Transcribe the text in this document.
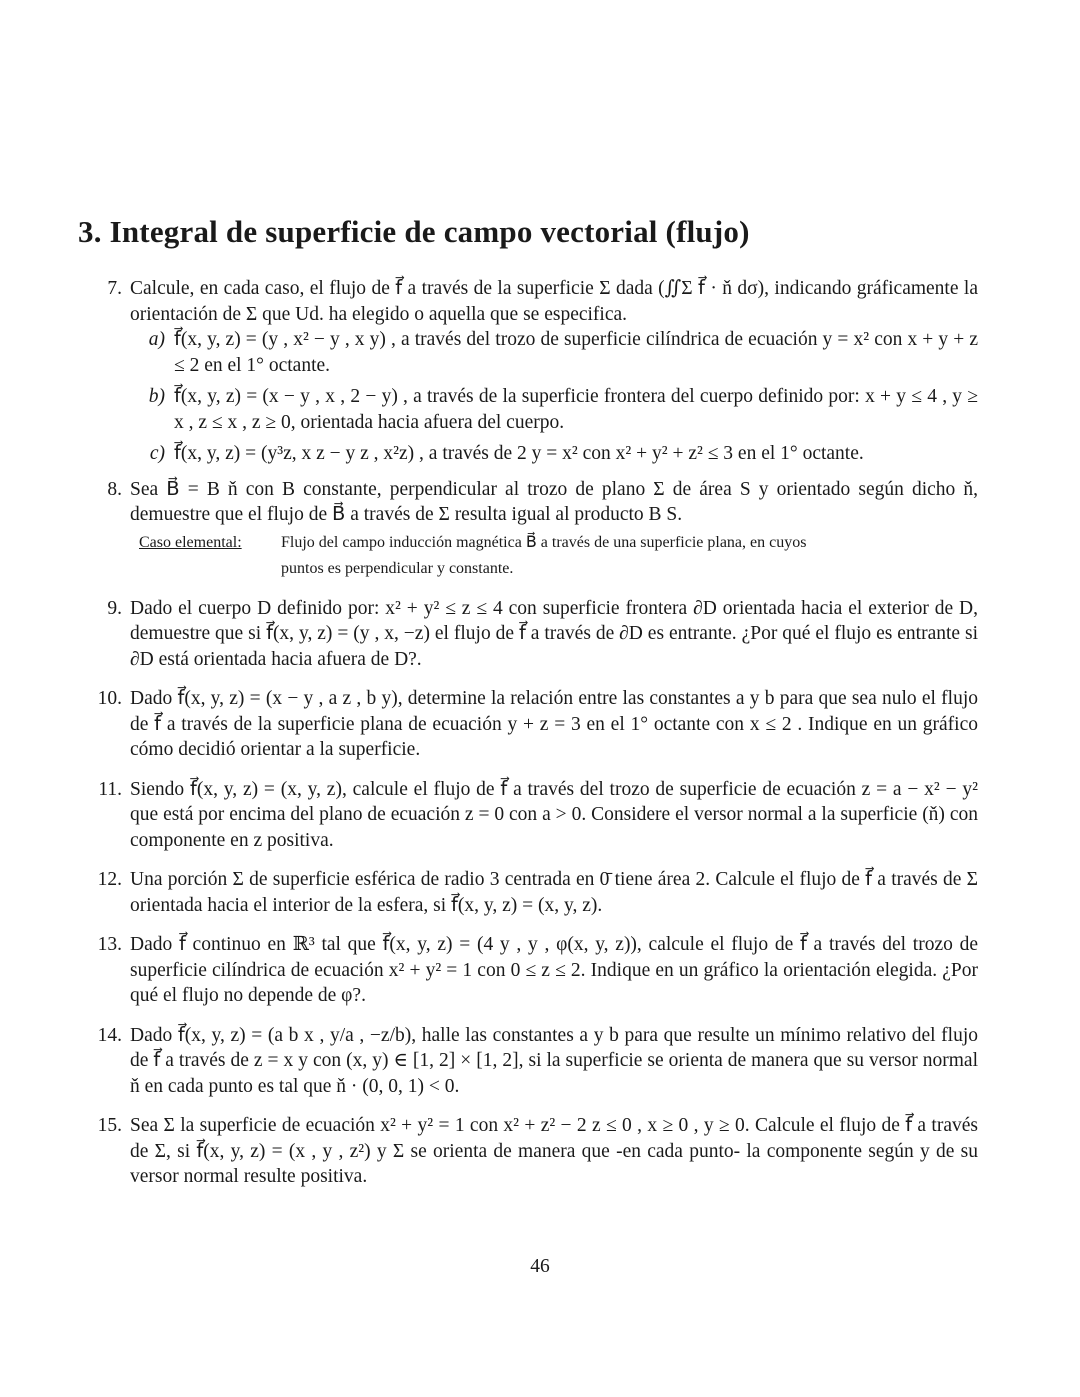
3. Integral de superficie de campo vectorial (flujo)
7. Calcule, en cada caso, el flujo de f⃗ a través de la superficie Σ dada (∬Σ f⃗ · ň dσ), indicando gráficamente la orientación de Σ que Ud. ha elegido o aquella que se especifica.
a) f⃗(x, y, z) = (y , x² − y , x y) , a través del trozo de superficie cilíndrica de ecuación y = x² con x + y + z ≤ 2 en el 1° octante.
b) f⃗(x, y, z) = (x − y , x , 2 − y) , a través de la superficie frontera del cuerpo definido por: x + y ≤ 4 , y ≥ x , z ≤ x , z ≥ 0, orientada hacia afuera del cuerpo.
c) f⃗(x, y, z) = (y³z, x z − y z , x²z) , a través de 2 y = x² con x² + y² + z² ≤ 3 en el 1° octante.
8. Sea B⃗ = B ň con B constante, perpendicular al trozo de plano Σ de área S y orientado según dicho ň, demuestre que el flujo de B⃗ a través de Σ resulta igual al producto B S.
Caso elemental: Flujo del campo inducción magnética B⃗ a través de una superficie plana, en cuyos puntos es perpendicular y constante.
9. Dado el cuerpo D definido por: x² + y² ≤ z ≤ 4 con superficie frontera ∂D orientada hacia el exterior de D, demuestre que si f⃗(x, y, z) = (y , x, −z) el flujo de f⃗ a través de ∂D es entrante. ¿Por qué el flujo es entrante si ∂D está orientada hacia afuera de D?.
10. Dado f⃗(x, y, z) = (x − y , a z , b y), determine la relación entre las constantes a y b para que sea nulo el flujo de f⃗ a través de la superficie plana de ecuación y + z = 3 en el 1° octante con x ≤ 2 . Indique en un gráfico cómo decidió orientar a la superficie.
11. Siendo f⃗(x, y, z) = (x, y, z), calcule el flujo de f⃗ a través del trozo de superficie de ecuación z = a − x² − y² que está por encima del plano de ecuación z = 0 con a > 0. Considere el versor normal a la superficie (ň) con componente en z positiva.
12. Una porción Σ de superficie esférica de radio 3 centrada en 0̄ tiene área 2. Calcule el flujo de f⃗ a través de Σ orientada hacia el interior de la esfera, si f⃗(x, y, z) = (x, y, z).
13. Dado f⃗ continuo en ℝ³ tal que f⃗(x, y, z) = (4 y , y , φ(x, y, z)), calcule el flujo de f⃗ a través del trozo de superficie cilíndrica de ecuación x² + y² = 1 con 0 ≤ z ≤ 2. Indique en un gráfico la orientación elegida. ¿Por qué el flujo no depende de φ?.
14. Dado f⃗(x, y, z) = (a b x , y/a , −z/b), halle las constantes a y b para que resulte un mínimo relativo del flujo de f⃗ a través de z = x y con (x, y) ∈ [1, 2] × [1, 2], si la superficie se orienta de manera que su versor normal ň en cada punto es tal que ň · (0, 0, 1) < 0.
15. Sea Σ la superficie de ecuación x² + y² = 1 con x² + z² − 2 z ≤ 0 , x ≥ 0 , y ≥ 0. Calcule el flujo de f⃗ a través de Σ, si f⃗(x, y, z) = (x , y , z²) y Σ se orienta de manera que -en cada punto- la componente según y de su versor normal resulte positiva.
46
